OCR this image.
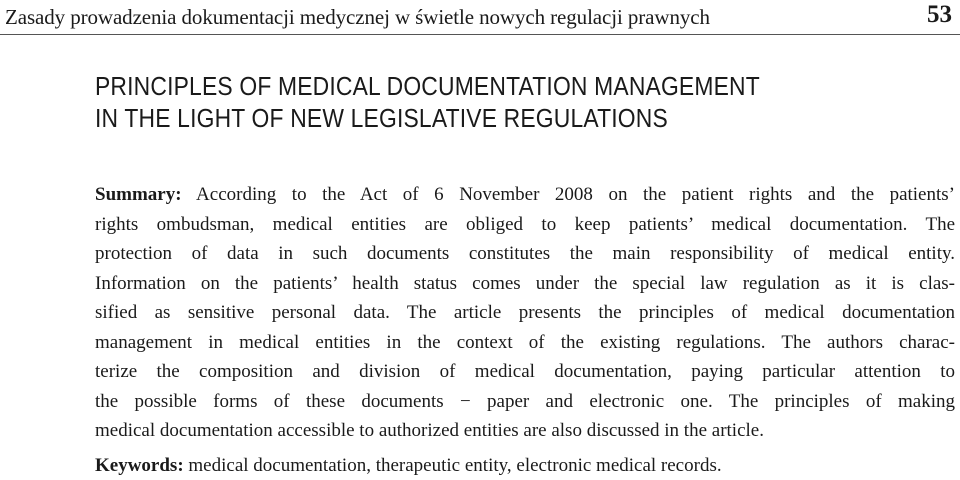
Zasady prowadzenia dokumentacji medycznej w świetle nowych regulacji prawnych	53
PRINCIPLES OF MEDICAL DOCUMENTATION MANAGEMENT
IN THE LIGHT OF NEW LEGISLATIVE REGULATIONS
Summary: According to the Act of 6 November 2008 on the patient rights and the patients’
rights ombudsman, medical entities are obliged to keep patients’ medical documentation. The
protection of data in such documents constitutes the main responsibility of medical entity.
Information on the patients’ health status comes under the special law regulation as it is clas-
sified as sensitive personal data. The article presents the principles of medical documentation
management in medical entities in the context of the existing regulations. The authors charac-
terize the composition and division of medical documentation, paying particular attention to
the possible forms of these documents − paper and electronic one. The principles of making
medical documentation accessible to authorized entities are also discussed in the article.

Keywords: medical documentation, therapeutic entity, electronic medical records.
